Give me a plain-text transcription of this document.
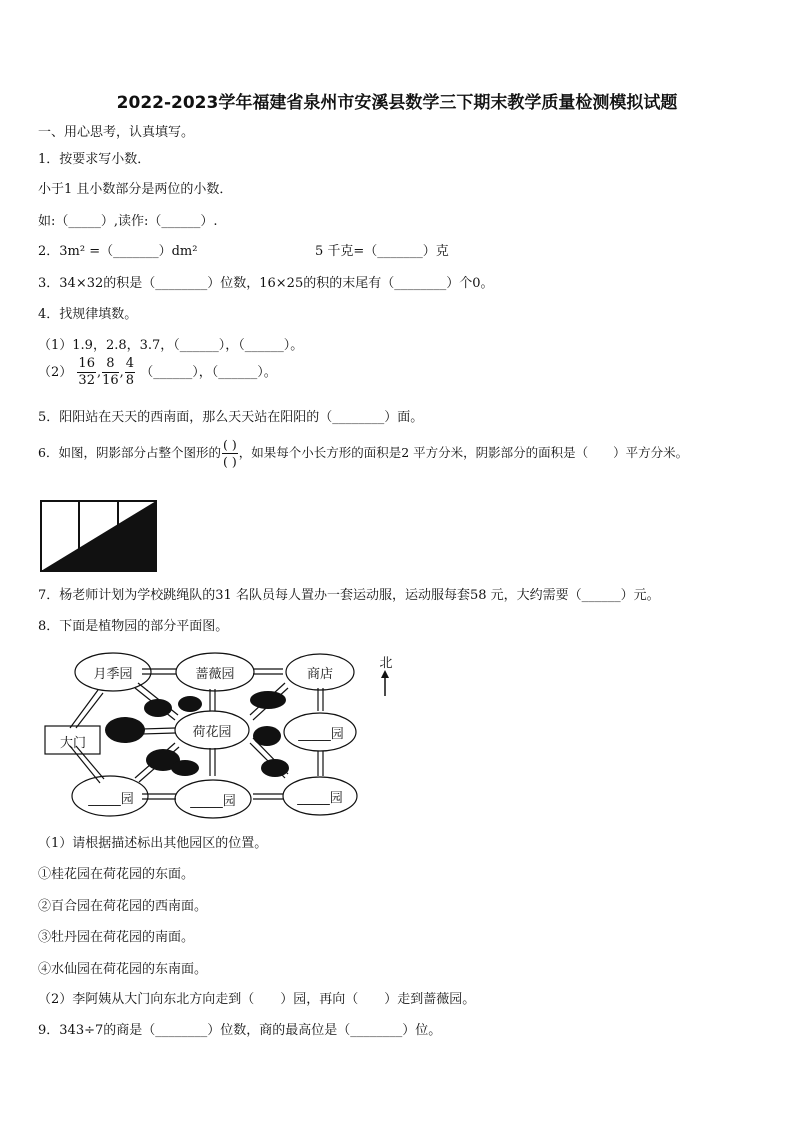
2022-2023学年福建省泉州市安溪县数学三下期末教学质量检测模拟试题
一、用心思考，认真填写。
1．按要求写小数．
小于1 且小数部分是两位的小数．
如:（_____）,读作:（______）.
2．3m² =（_______）dm²	5 千克=（_______）克
3．34×32的积是（________）位数，16×25的积的末尾有（________）个0。
4．找规律填数。
（1）1.9，2.8，3.7，（______），（______）。
$(2) \frac{16}{32}$ , $\frac{8}{16}$ , $\frac{4}{8}$ （______），（______）。
5．阳阳站在天天的西南面，那么天天站在阳阳的（________）面。
6．如图，阴影部分占整个图形的 $\frac{( )}{( )}$ ，如果每个小长方形的面积是2 平方分米，阴影部分的面积是（　　）平方分米。
7．杨老师计划为学校跳绳队的31 名队员每人置办一套运动服，运动服每套58 元，大约需要（______）元。
8．下面是植物园的部分平面图。
月季园	蔷薇园	商店
大门
荷花园	_____园
_____园	_____园	_____园
北
（1）请根据描述标出其他园区的位置。
①桂花园在荷花园的东面。
②百合园在荷花园的西南面。
③牡丹园在荷花园的南面。
④水仙园在荷花园的东南面。
（2）李阿姨从大门向东北方向走到（　　）园，再向（　　）走到蔷薇园。
9．343÷7的商是（________）位数，商的最高位是（________）位。
